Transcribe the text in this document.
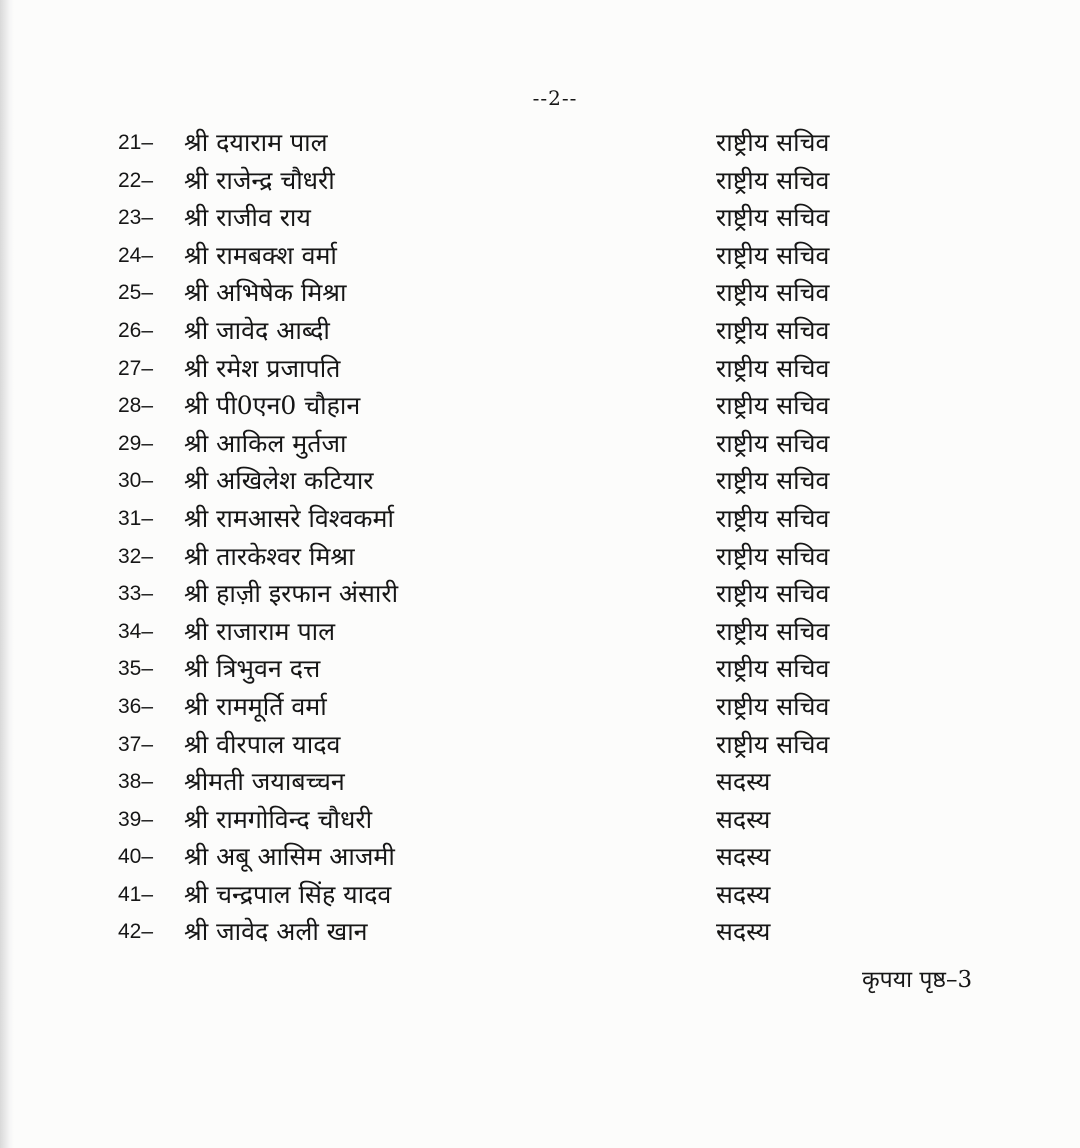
--2--
21–	श्री दयाराम पाल	राष्ट्रीय सचिव
22–	श्री राजेन्द्र चौधरी	राष्ट्रीय सचिव
23–	श्री राजीव राय	राष्ट्रीय सचिव
24–	श्री रामबक्श वर्मा	राष्ट्रीय सचिव
25–	श्री अभिषेक मिश्रा	राष्ट्रीय सचिव
26–	श्री जावेद आब्दी	राष्ट्रीय सचिव
27–	श्री रमेश प्रजापति	राष्ट्रीय सचिव
28–	श्री पी0एन0 चौहान	राष्ट्रीय सचिव
29–	श्री आकिल मुर्तजा	राष्ट्रीय सचिव
30–	श्री अखिलेश कटियार	राष्ट्रीय सचिव
31–	श्री रामआसरे विश्वकर्मा	राष्ट्रीय सचिव
32–	श्री तारकेश्वर मिश्रा	राष्ट्रीय सचिव
33–	श्री हाज़ी इरफान अंसारी	राष्ट्रीय सचिव
34–	श्री राजाराम पाल	राष्ट्रीय सचिव
35–	श्री त्रिभुवन दत्त	राष्ट्रीय सचिव
36–	श्री राममूर्ति वर्मा	राष्ट्रीय सचिव
37–	श्री वीरपाल यादव	राष्ट्रीय सचिव
38–	श्रीमती जयाबच्चन	सदस्य
39–	श्री रामगोविन्द चौधरी	सदस्य
40–	श्री अबू आसिम आजमी	सदस्य
41–	श्री चन्द्रपाल सिंह यादव	सदस्य
42–	श्री जावेद अली खान	सदस्य
कृपया पृष्ठ–3
